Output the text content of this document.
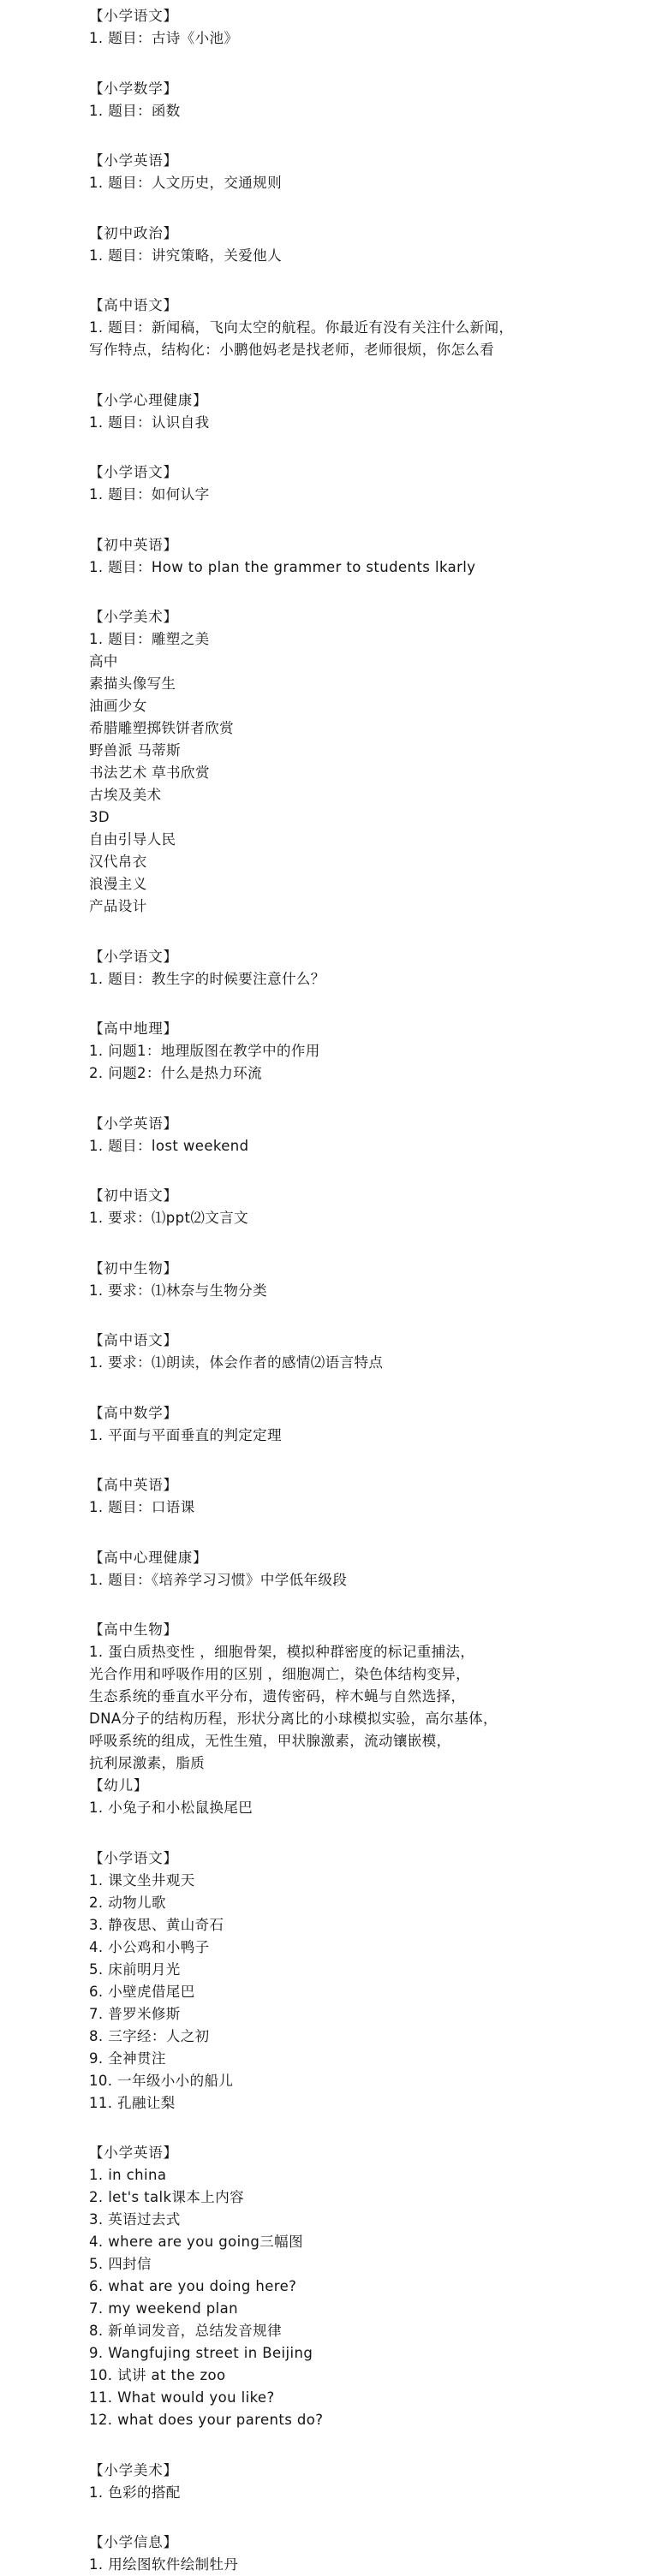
【小学语文】
1. 题目：古诗《小池》
【小学数学】
1. 题目：函数
【小学英语】
1. 题目：人文历史，交通规则
【初中政治】
1. 题目：讲究策略，关爱他人
【高中语文】
1. 题目：新闻稿，飞向太空的航程。你最近有没有关注什么新闻，
写作特点，结构化：小鹏他妈老是找老师，老师很烦，你怎么看
【小学心理健康】
1. 题目：认识自我
【小学语文】
1. 题目：如何认字
【初中英语】
1. 题目：How to plan the grammer to students lkarly
【小学美术】
1. 题目：雕塑之美
高中
素描头像写生
油画少女
希腊雕塑掷铁饼者欣赏
野兽派 马蒂斯
书法艺术 草书欣赏
古埃及美术
3D
自由引导人民
汉代帛衣
浪漫主义
产品设计
【小学语文】
1. 题目：教生字的时候要注意什么？
【高中地理】
1. 问题1：地理版图在教学中的作用
2. 问题2：什么是热力环流
【小学英语】
1. 题目：lost weekend
【初中语文】
1. 要求：⑴ppt⑵文言文
【初中生物】
1. 要求：⑴林奈与生物分类
【高中语文】
1. 要求：⑴朗读，体会作者的感情⑵语言特点
【高中数学】
1. 平面与平面垂直的判定定理
【高中英语】
1. 题目：口语课
【高中心理健康】
1. 题目：《培养学习习惯》中学低年级段
【高中生物】
1. 蛋白质热变性 ，细胞骨架，模拟种群密度的标记重捕法，
光合作用和呼吸作用的区别 ，细胞凋亡，染色体结构变异，
生态系统的垂直水平分布，遗传密码，梓木蝇与自然选择，
DNA分子的结构历程，形状分离比的小球模拟实验，高尔基体，
呼吸系统的组成，无性生殖，甲状腺激素，流动镶嵌模，
抗利尿激素，脂质
【幼儿】
1. 小兔子和小松鼠换尾巴
【小学语文】
1. 课文坐井观天
2. 动物儿歌
3. 静夜思、黄山奇石
4. 小公鸡和小鸭子
5. 床前明月光
6. 小壁虎借尾巴
7. 普罗米修斯
8. 三字经：人之初
9. 全神贯注
10. 一年级小小的船儿
11. 孔融让梨
【小学英语】
1. in china
2. let's talk课本上内容
3. 英语过去式
4. where are you going三幅图
5. 四封信
6. what are you doing here?
7. my weekend plan
8. 新单词发音，总结发音规律
9. Wangfujing street in Beijing
10. 试讲 at the zoo
11. What would you like?
12. what does your parents do?
【小学美术】
1. 色彩的搭配
【小学信息】
1. 用绘图软件绘制牡丹
